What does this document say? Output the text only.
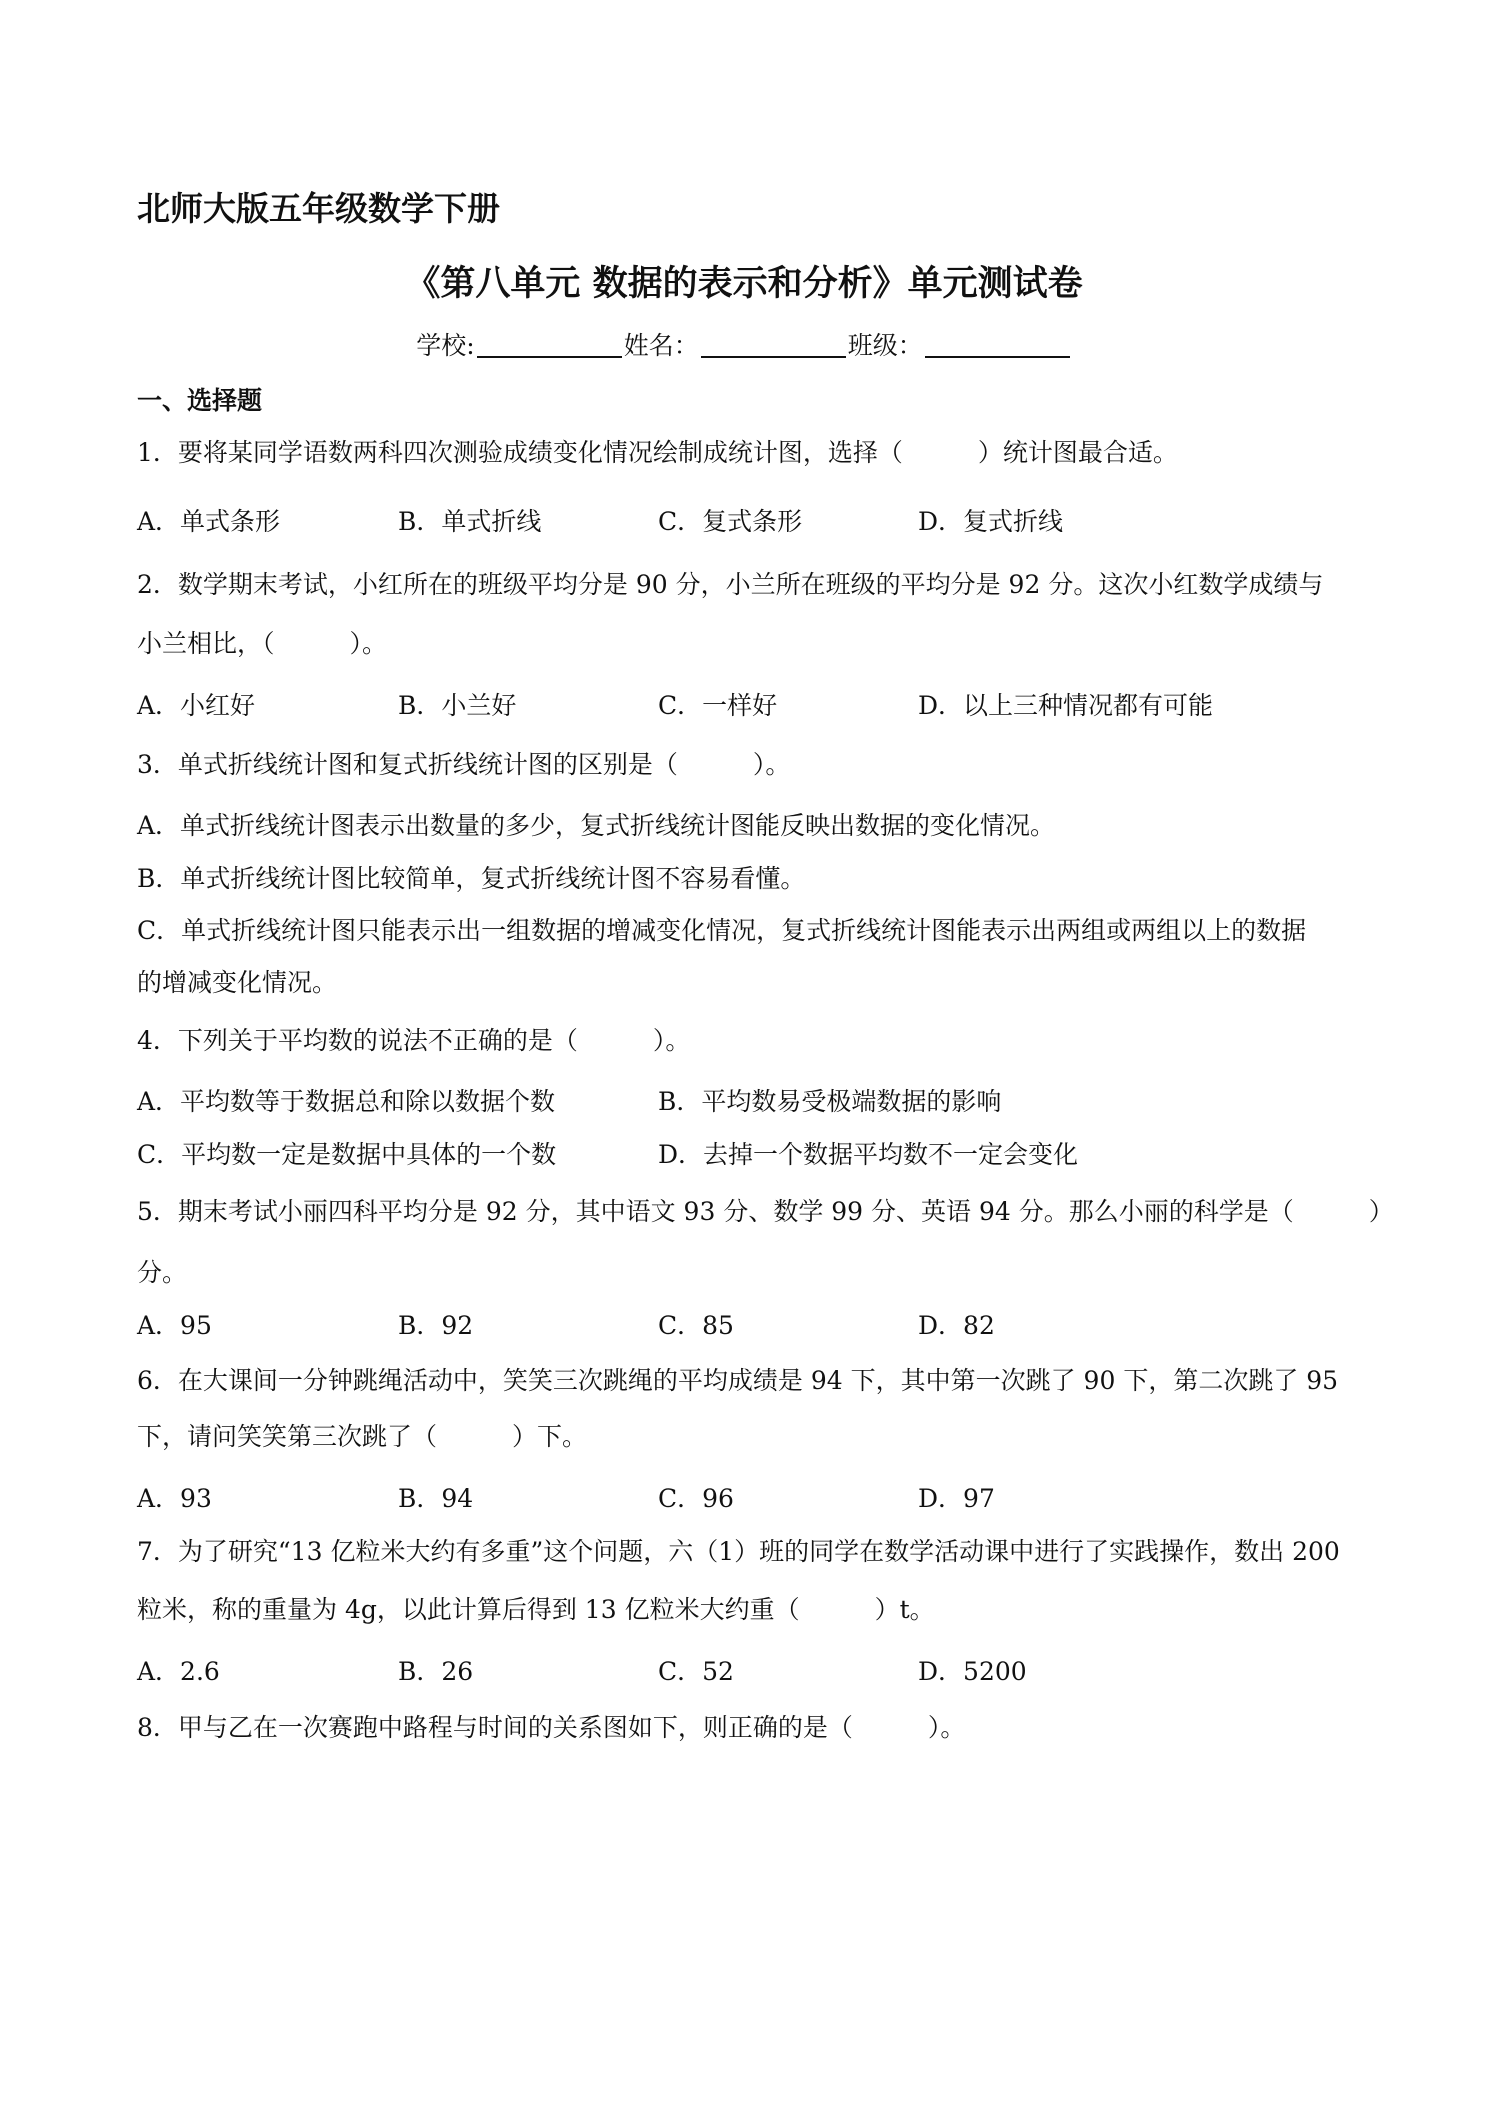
北师大版五年级数学下册
《第八单元 数据的表示和分析》单元测试卷
学校:	姓名：	班级：
一、选择题
1．要将某同学语数两科四次测验成绩变化情况绘制成统计图，选择（　　　）统计图最合适。
A．单式条形	B．单式折线	C．复式条形	D．复式折线
2．数学期末考试，小红所在的班级平均分是 90 分，小兰所在班级的平均分是 92 分。这次小红数学成绩与
小兰相比，（　　　）。
A．小红好	B．小兰好	C．一样好	D．以上三种情况都有可能
3．单式折线统计图和复式折线统计图的区别是（　　　）。
A．单式折线统计图表示出数量的多少，复式折线统计图能反映出数据的变化情况。
B．单式折线统计图比较简单，复式折线统计图不容易看懂。
C．单式折线统计图只能表示出一组数据的增减变化情况，复式折线统计图能表示出两组或两组以上的数据
的增减变化情况。
4．下列关于平均数的说法不正确的是（　　　）。
A．平均数等于数据总和除以数据个数	B．平均数易受极端数据的影响
C．平均数一定是数据中具体的一个数	D．去掉一个数据平均数不一定会变化
5．期末考试小丽四科平均分是 92 分，其中语文 93 分、数学 99 分、英语 94 分。那么小丽的科学是（　　　）
分。
A．95	B．92	C．85	D．82
6．在大课间一分钟跳绳活动中，笑笑三次跳绳的平均成绩是 94 下，其中第一次跳了 90 下，第二次跳了 95
下，请问笑笑第三次跳了（　　　）下。
A．93	B．94	C．96	D．97
7．为了研究“13 亿粒米大约有多重”这个问题，六（1）班的同学在数学活动课中进行了实践操作，数出 200
粒米，称的重量为 4g，以此计算后得到 13 亿粒米大约重（　　　）t。
A．2.6	B．26	C．52	D．5200
8．甲与乙在一次赛跑中路程与时间的关系图如下，则正确的是（　　　）。
